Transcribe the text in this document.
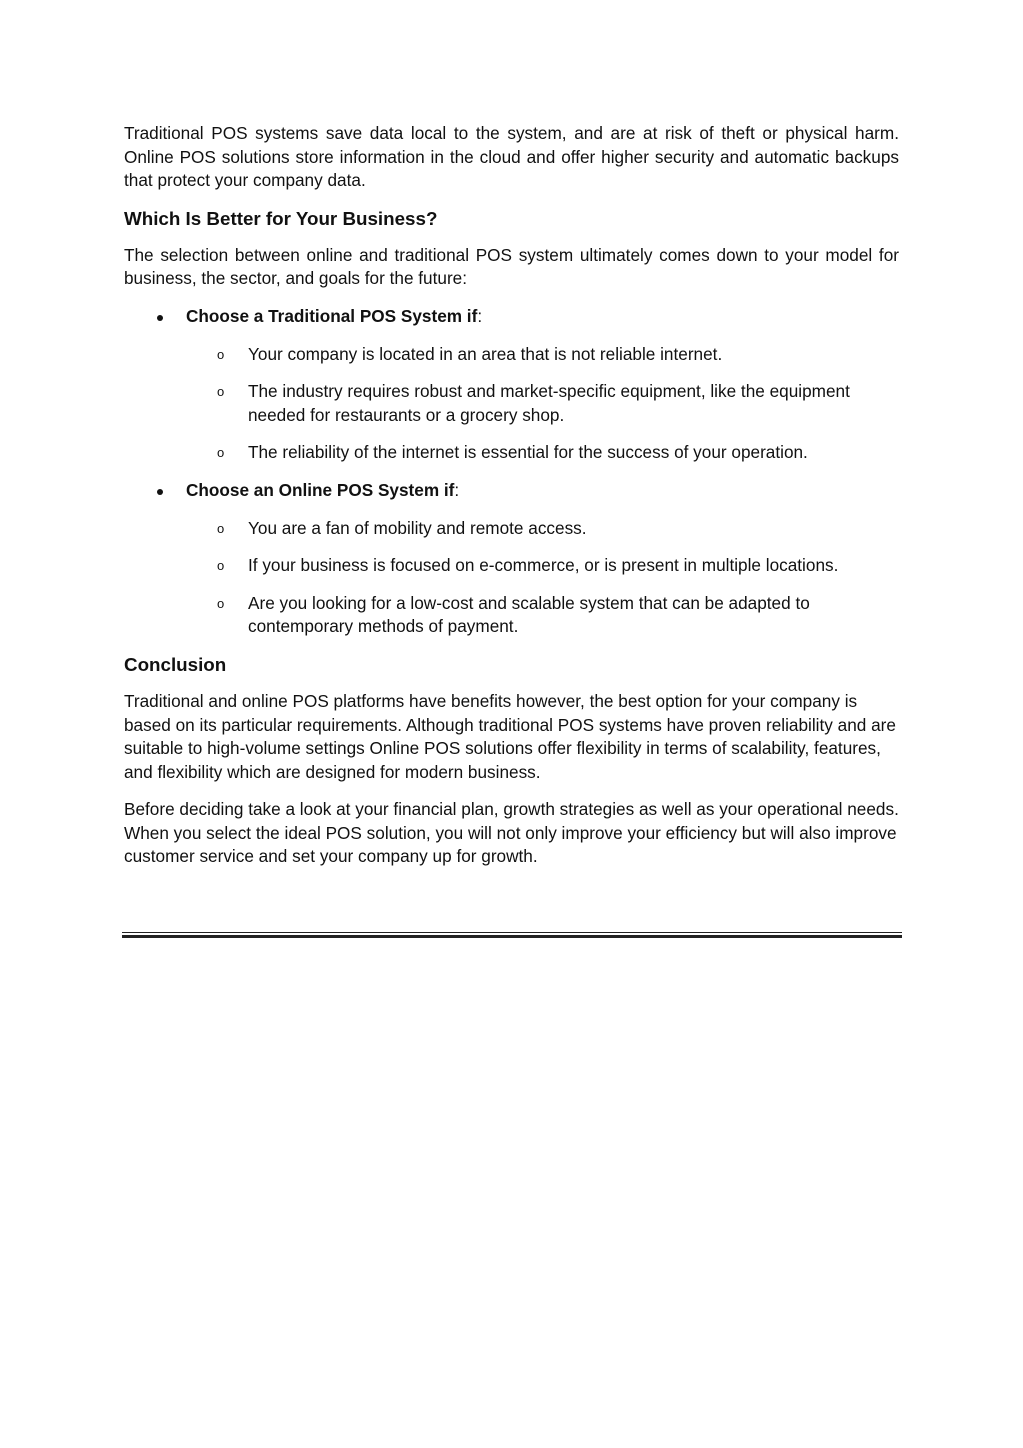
Traditional POS systems save data local to the system, and are at risk of theft or physical harm. Online POS solutions store information in the cloud and offer higher security and automatic backups that protect your company data.

Which Is Better for Your Business?

The selection between online and traditional POS system ultimately comes down to your model for business, the sector, and goals for the future:

Choose a Traditional POS System if:
o Your company is located in an area that is not reliable internet.
o The industry requires robust and market-specific equipment, like the equipment needed for restaurants or a grocery shop.
o The reliability of the internet is essential for the success of your operation.
Choose an Online POS System if:
o You are a fan of mobility and remote access.
o If your business is focused on e-commerce, or is present in multiple locations.
o Are you looking for a low-cost and scalable system that can be adapted to contemporary methods of payment.
Conclusion

Traditional and online POS platforms have benefits however, the best option for your company is based on its particular requirements. Although traditional POS systems have proven reliability and are suitable to high-volume settings Online POS solutions offer flexibility in terms of scalability, features, and flexibility which are designed for modern business.

Before deciding take a look at your financial plan, growth strategies as well as your operational needs. When you select the ideal POS solution, you will not only improve your efficiency but will also improve customer service and set your company up for growth.
